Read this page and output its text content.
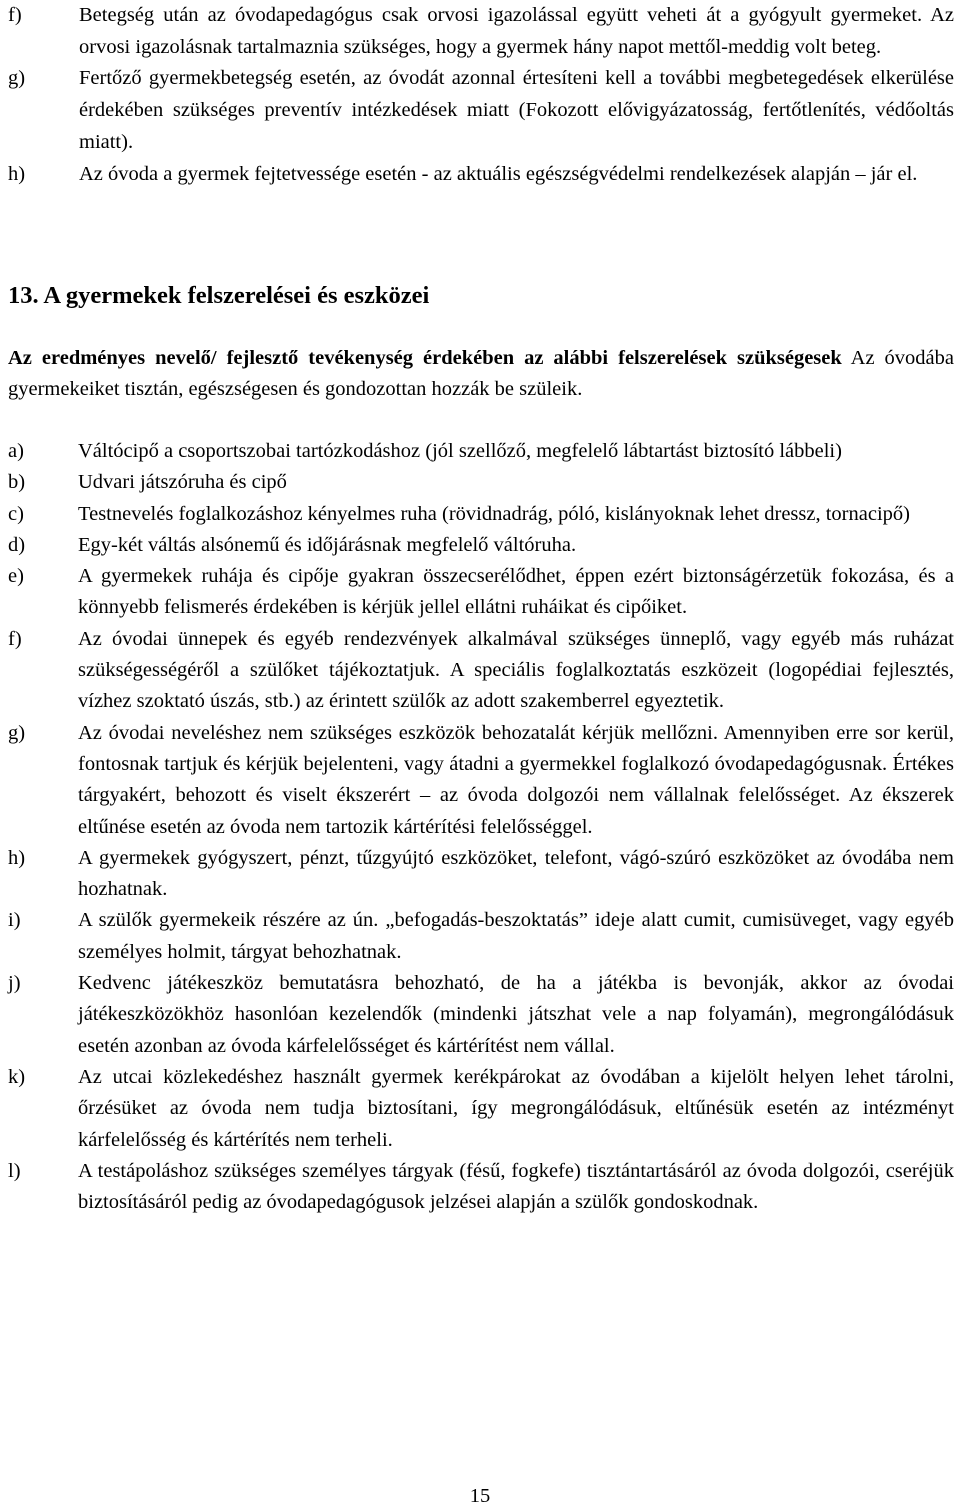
f)	Betegség után az óvodapedagógus csak orvosi igazolással együtt veheti át a gyógyult gyermeket. Az orvosi igazolásnak tartalmaznia szükséges, hogy a gyermek hány napot mettől-meddig volt beteg.
g)	Fertőző gyermekbetegség esetén, az óvodát azonnal értesíteni kell a további megbetegedések elkerülése érdekében szükséges preventív intézkedések miatt (Fokozott elővigyázatosság, fertőtlenítés, védőoltás miatt).
h)	Az óvoda a gyermek fejtetvessége esetén - az aktuális egészségvédelmi rendelkezések alapján – jár el.
13. A gyermekek felszerelései és eszközei

Az eredményes nevelő/ fejlesztő tevékenység érdekében az alábbi felszerelések szükségesek Az óvodába gyermekeiket tisztán, egészségesen és gondozottan hozzák be szüleik.

a)	Váltócipő a csoportszobai tartózkodáshoz (jól szellőző, megfelelő lábtartást biztosító lábbeli)
b)	Udvari játszóruha és cipő
c)	Testnevelés foglalkozáshoz kényelmes ruha (rövidnadrág, póló, kislányoknak lehet dressz, tornacipő)
d)	Egy-két váltás alsónemű és időjárásnak megfelelő váltóruha.
e)	A gyermekek ruhája és cipője gyakran összecserélődhet, éppen ezért biztonságérzetük fokozása, és a könnyebb felismerés érdekében is kérjük jellel ellátni ruháikat és cipőiket.
f)	Az óvodai ünnepek és egyéb rendezvények alkalmával szükséges ünneplő, vagy egyéb más ruházat szükségességéről a szülőket tájékoztatjuk. A speciális foglalkoztatás eszközeit (logopédiai fejlesztés, vízhez szoktató úszás, stb.) az érintett szülők az adott szakemberrel egyeztetik.
g)	Az óvodai neveléshez nem szükséges eszközök behozatalát kérjük mellőzni. Amennyiben erre sor kerül, fontosnak tartjuk és kérjük bejelenteni, vagy átadni a gyermekkel foglalkozó óvodapedagógusnak. Értékes tárgyakért, behozott és viselt ékszerért – az óvoda dolgozói nem vállalnak felelősséget. Az ékszerek eltűnése esetén az óvoda nem tartozik kártérítési felelősséggel.
h)	A gyermekek gyógyszert, pénzt, tűzgyújtó eszközöket, telefont, vágó-szúró eszközöket az óvodába nem hozhatnak.
i)	A szülők gyermekeik részére az ún. „befogadás-beszoktatás” ideje alatt cumit, cumisüveget, vagy egyéb személyes holmit, tárgyat behozhatnak.
j)	Kedvenc játékeszköz bemutatásra behozható, de ha a játékba is bevonják, akkor az óvodai játékeszközökhöz hasonlóan kezelendők (mindenki játszhat vele a nap folyamán), megrongálódásuk esetén azonban az óvoda kárfelelősséget és kártérítést nem vállal.
k)	Az utcai közlekedéshez használt gyermek kerékpárokat az óvodában a kijelölt helyen lehet tárolni, őrzésüket az óvoda nem tudja biztosítani, így megrongálódásuk, eltűnésük esetén az intézményt kárfelelősség és kártérítés nem terheli.
l)	A testápoláshoz szükséges személyes tárgyak (fésű, fogkefe) tisztántartásáról az óvoda dolgozói, cseréjük biztosításáról pedig az óvodapedagógusok jelzései alapján a szülők gondoskodnak.
15
